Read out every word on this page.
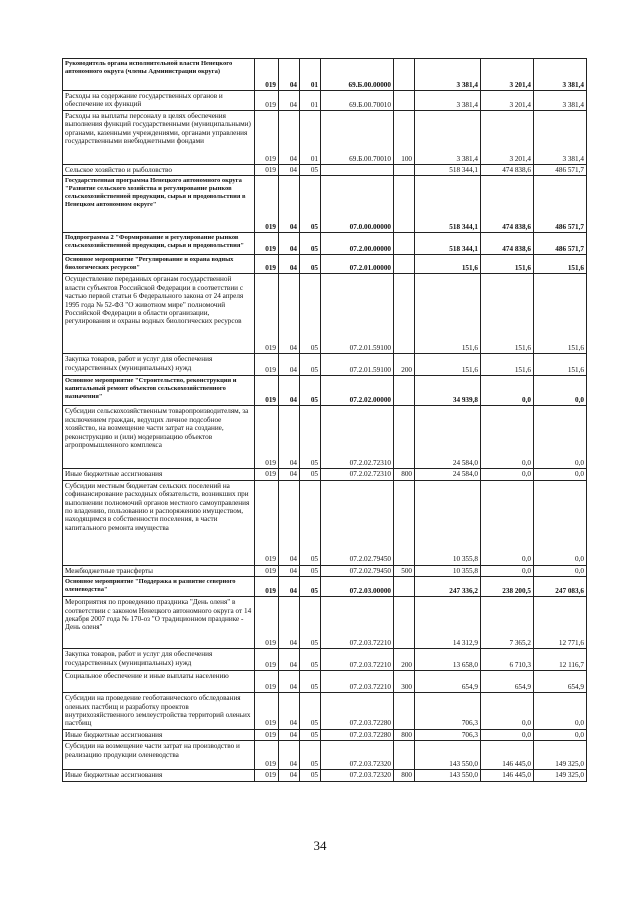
Руководитель органа исполнительной власти Ненецкого автономного округа (члены Администрации округа)	019	04	01	69.Б.00.00000		3 381,4	3 201,4	3 381,4
Расходы на содержание государственных органов и обеспечение их функций	019	04	01	69.Б.00.70010		3 381,4	3 201,4	3 381,4
Расходы на выплаты персоналу в целях обеспечения выполнения функций государственными (муниципальными) органами, казенными учреждениями, органами управления государственными внебюджетными фондами	019	04	01	69.Б.00.70010	100	3 381,4	3 201,4	3 381,4
Сельское хозяйство и рыболовство	019	04	05			518 344,1	474 838,6	486 571,7
Государственная программа Ненецкого автономного округа "Развитие сельского хозяйства и регулирование рынков сельскохозяйственной продукции, сырья и продовольствия в Ненецком автономном округе"	019	04	05	07.0.00.00000		518 344,1	474 838,6	486 571,7
Подпрограмма 2 "Формирование и регулирование рынков сельскохозяйственной продукции, сырья и продовольствия"	019	04	05	07.2.00.00000		518 344,1	474 838,6	486 571,7
Основное мероприятие "Регулирование и охрана водных биологических ресурсов"	019	04	05	07.2.01.00000		151,6	151,6	151,6
Осуществление переданных органам государственной власти субъектов Российской Федерации в соответствии с частью первой статьи 6 Федерального закона от 24 апреля 1995 года № 52-ФЗ "О животном мире" полномочий Российской Федерации в области организации, регулирования и охраны водных биологических ресурсов	019	04	05	07.2.01.59100		151,6	151,6	151,6
Закупка товаров, работ и услуг для обеспечения государственных (муниципальных) нужд	019	04	05	07.2.01.59100	200	151,6	151,6	151,6
Основное мероприятие "Строительство, реконструкция и капитальный ремонт объектов сельскохозяйственного назначения"	019	04	05	07.2.02.00000		34 939,8	0,0	0,0
Субсидии сельскохозяйственным товаропроизводителям, за исключением граждан, ведущих личное подсобное хозяйство, на возмещение части затрат на создание, реконструкцию и (или) модернизацию объектов агропромышленного комплекса	019	04	05	07.2.02.72310		24 584,0	0,0	0,0
Иные бюджетные ассигнования	019	04	05	07.2.02.72310	800	24 584,0	0,0	0,0
Субсидии местным бюджетам сельских поселений на софинансирование расходных обязательств, возникших при выполнении полномочий органов местного самоуправления по владению, пользованию и распоряжению имуществом, находящимся в собственности поселения, в части капитального ремонта имущества	019	04	05	07.2.02.79450		10 355,8	0,0	0,0
Межбюджетные трансферты	019	04	05	07.2.02.79450	500	10 355,8	0,0	0,0
Основное мероприятие "Поддержка и развитие северного оленеводства"	019	04	05	07.2.03.00000		247 336,2	238 200,5	247 083,6
Мероприятия по проведению праздника "День оленя" в соответствии с законом Ненецкого автономного округа от 14 декабря 2007 года № 170-оз "О традиционном празднике - День оленя"	019	04	05	07.2.03.72210		14 312,9	7 365,2	12 771,6
Закупка товаров, работ и услуг для обеспечения государственных (муниципальных) нужд	019	04	05	07.2.03.72210	200	13 658,0	6 710,3	12 116,7
Социальное обеспечение и иные выплаты населению	019	04	05	07.2.03.72210	300	654,9	654,9	654,9
Субсидии на проведение геоботанического обследования оленьих пастбищ и разработку проектов внутрихозяйственного землеустройства территорий оленьих пастбищ	019	04	05	07.2.03.72280		706,3	0,0	0,0
Иные бюджетные ассигнования	019	04	05	07.2.03.72280	800	706,3	0,0	0,0
Субсидии на возмещение части затрат на производство и реализацию продукции оленеводства	019	04	05	07.2.03.72320		143 550,0	146 445,0	149 325,0
Иные бюджетные ассигнования	019	04	05	07.2.03.72320	800	143 550,0	146 445,0	149 325,0
34
